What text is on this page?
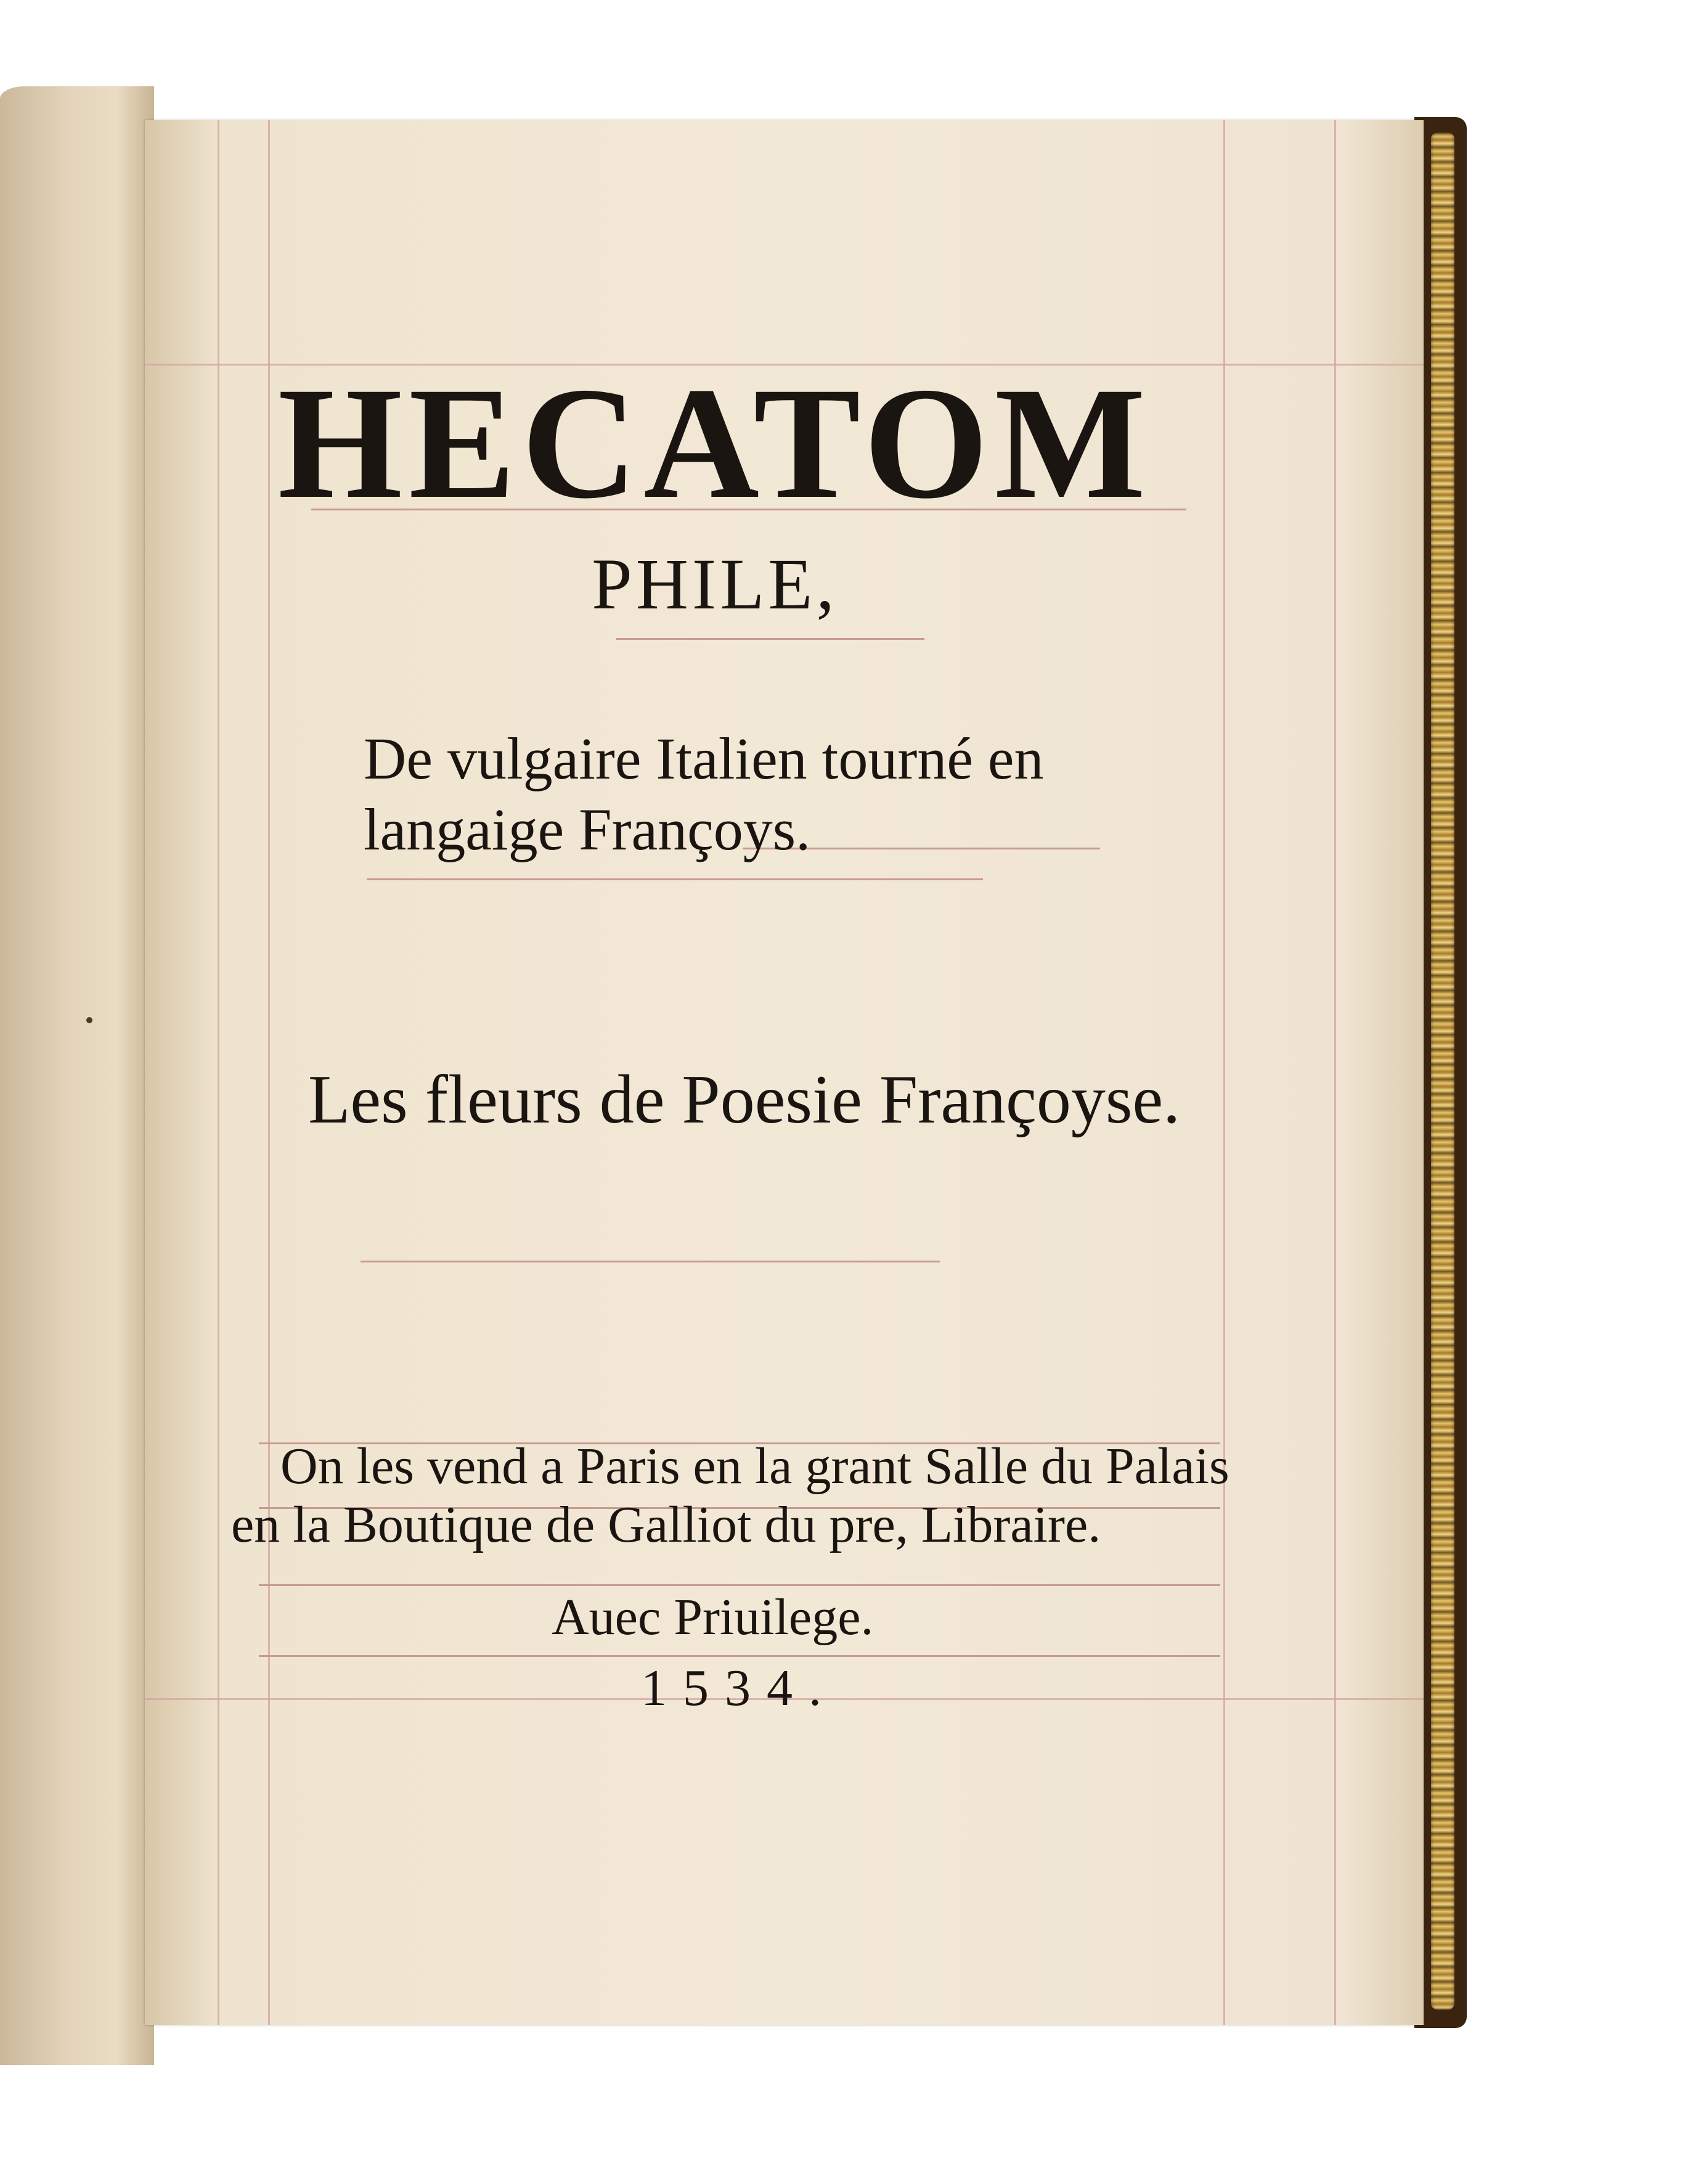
HECATOM
PHILE,
De vulgaire Italien tourné en
langaige Françoys.
Les fleurs de Poesie Françoyse.
On les vend a Paris en la grant Salle du Palais
en la Boutique de Galliot du pre, Libraire.
Auec Priuilege.
1534.
